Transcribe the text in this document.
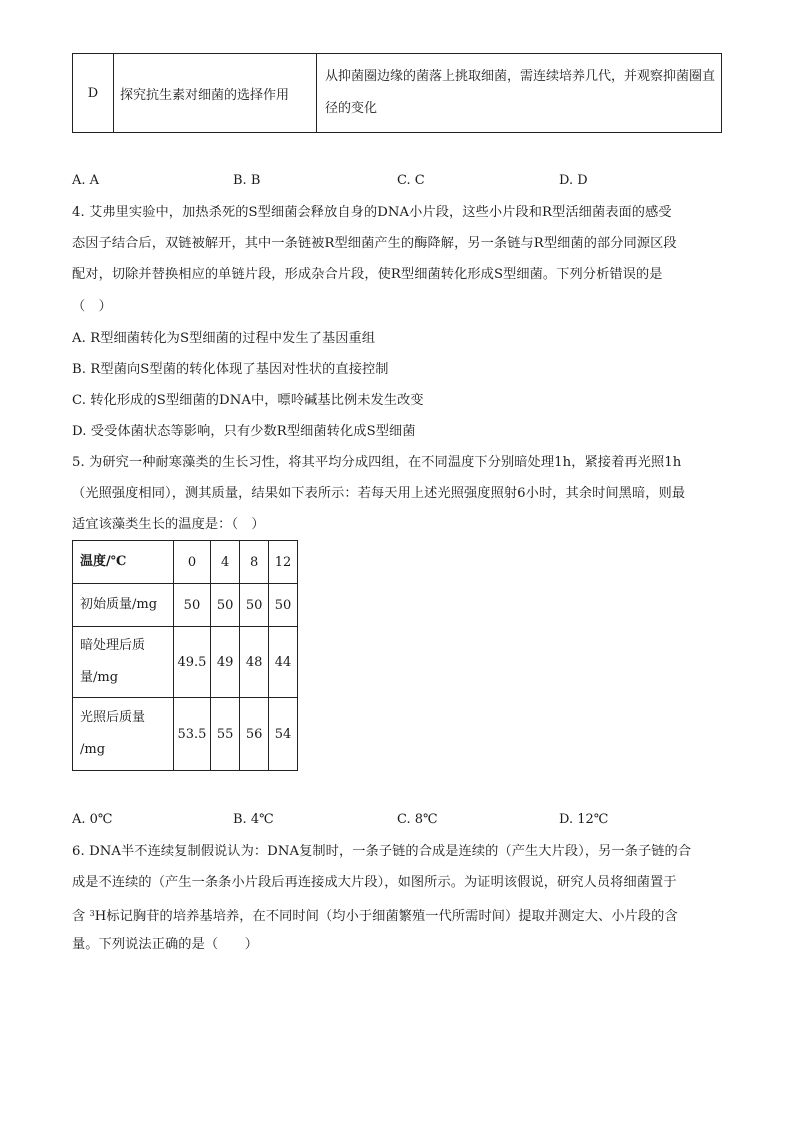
D	探究抗生素对细菌的选择作用	从抑菌圈边缘的菌落上挑取细菌，需连续培养几代，并观察抑菌圈直径的变化
A. A	B. B	C. C	D. D
4. 艾弗里实验中，加热杀死的S型细菌会释放自身的DNA小片段，这些小片段和R型活细菌表面的感受
态因子结合后，双链被解开，其中一条链被R型细菌产生的酶降解，另一条链与R型细菌的部分同源区段
配对，切除并替换相应的单链片段，形成杂合片段，使R型细菌转化形成S型细菌。下列分析错误的是
（　）
A. R型细菌转化为S型细菌的过程中发生了基因重组
B. R型菌向S型菌的转化体现了基因对性状的直接控制
C. 转化形成的S型细菌的DNA中，嘌呤碱基比例未发生改变
D. 受受体菌状态等影响，只有少数R型细菌转化成S型细菌
5. 为研究一种耐寒藻类的生长习性，将其平均分成四组，在不同温度下分别暗处理1h，紧接着再光照1h
（光照强度相同），测其质量，结果如下表所示：若每天用上述光照强度照射6小时，其余时间黑暗，则最
适宜该藻类生长的温度是：（　）
温度/℃	0	4	8	12
初始质量/mg	50	50	50	50

暗处理后质
量/mg	49.5	49	48	44

光照后质量
/mg	53.5	55	56	54
A. 0℃	B. 4℃	C. 8℃	D. 12℃
6. DNA半不连续复制假说认为：DNA复制时，一条子链的合成是连续的（产生大片段），另一条子链的合
成是不连续的（产生一条条小片段后再连接成大片段），如图所示。为证明该假说，研究人员将细菌置于
含 $^3$H标记胸苷的培养基培养，在不同时间（均小于细菌繁殖一代所需时间）提取并测定大、小片段的含
量。下列说法正确的是（　　）
